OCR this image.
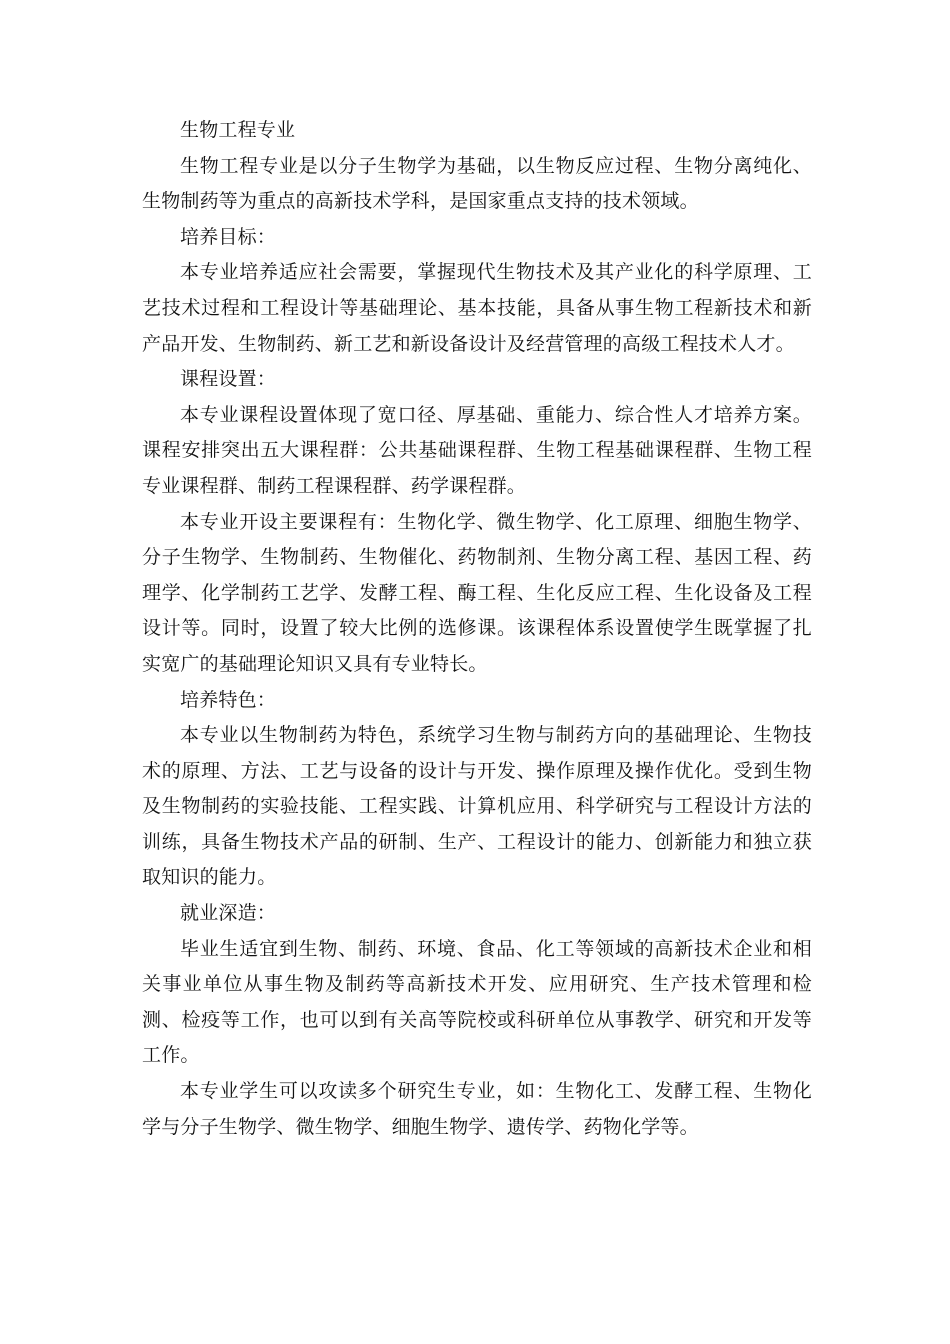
生物工程专业

生物工程专业是以分子生物学为基础，以生物反应过程、生物分离纯化、生物制药等为重点的高新技术学科，是国家重点支持的技术领域。

培养目标：

本专业培养适应社会需要，掌握现代生物技术及其产业化的科学原理、工艺技术过程和工程设计等基础理论、基本技能，具备从事生物工程新技术和新产品开发、生物制药、新工艺和新设备设计及经营管理的高级工程技术人才。

课程设置：

本专业课程设置体现了宽口径、厚基础、重能力、综合性人才培养方案。课程安排突出五大课程群：公共基础课程群、生物工程基础课程群、生物工程专业课程群、制药工程课程群、药学课程群。

本专业开设主要课程有：生物化学、微生物学、化工原理、细胞生物学、分子生物学、生物制药、生物催化、药物制剂、生物分离工程、基因工程、药理学、化学制药工艺学、发酵工程、酶工程、生化反应工程、生化设备及工程设计等。同时，设置了较大比例的选修课。该课程体系设置使学生既掌握了扎实宽广的基础理论知识又具有专业特长。

培养特色：

本专业以生物制药为特色，系统学习生物与制药方向的基础理论、生物技术的原理、方法、工艺与设备的设计与开发、操作原理及操作优化。受到生物及生物制药的实验技能、工程实践、计算机应用、科学研究与工程设计方法的训练，具备生物技术产品的研制、生产、工程设计的能力、创新能力和独立获取知识的能力。

就业深造：

毕业生适宜到生物、制药、环境、食品、化工等领域的高新技术企业和相关事业单位从事生物及制药等高新技术开发、应用研究、生产技术管理和检测、检疫等工作，也可以到有关高等院校或科研单位从事教学、研究和开发等工作。

本专业学生可以攻读多个研究生专业，如：生物化工、发酵工程、生物化学与分子生物学、微生物学、细胞生物学、遗传学、药物化学等。
